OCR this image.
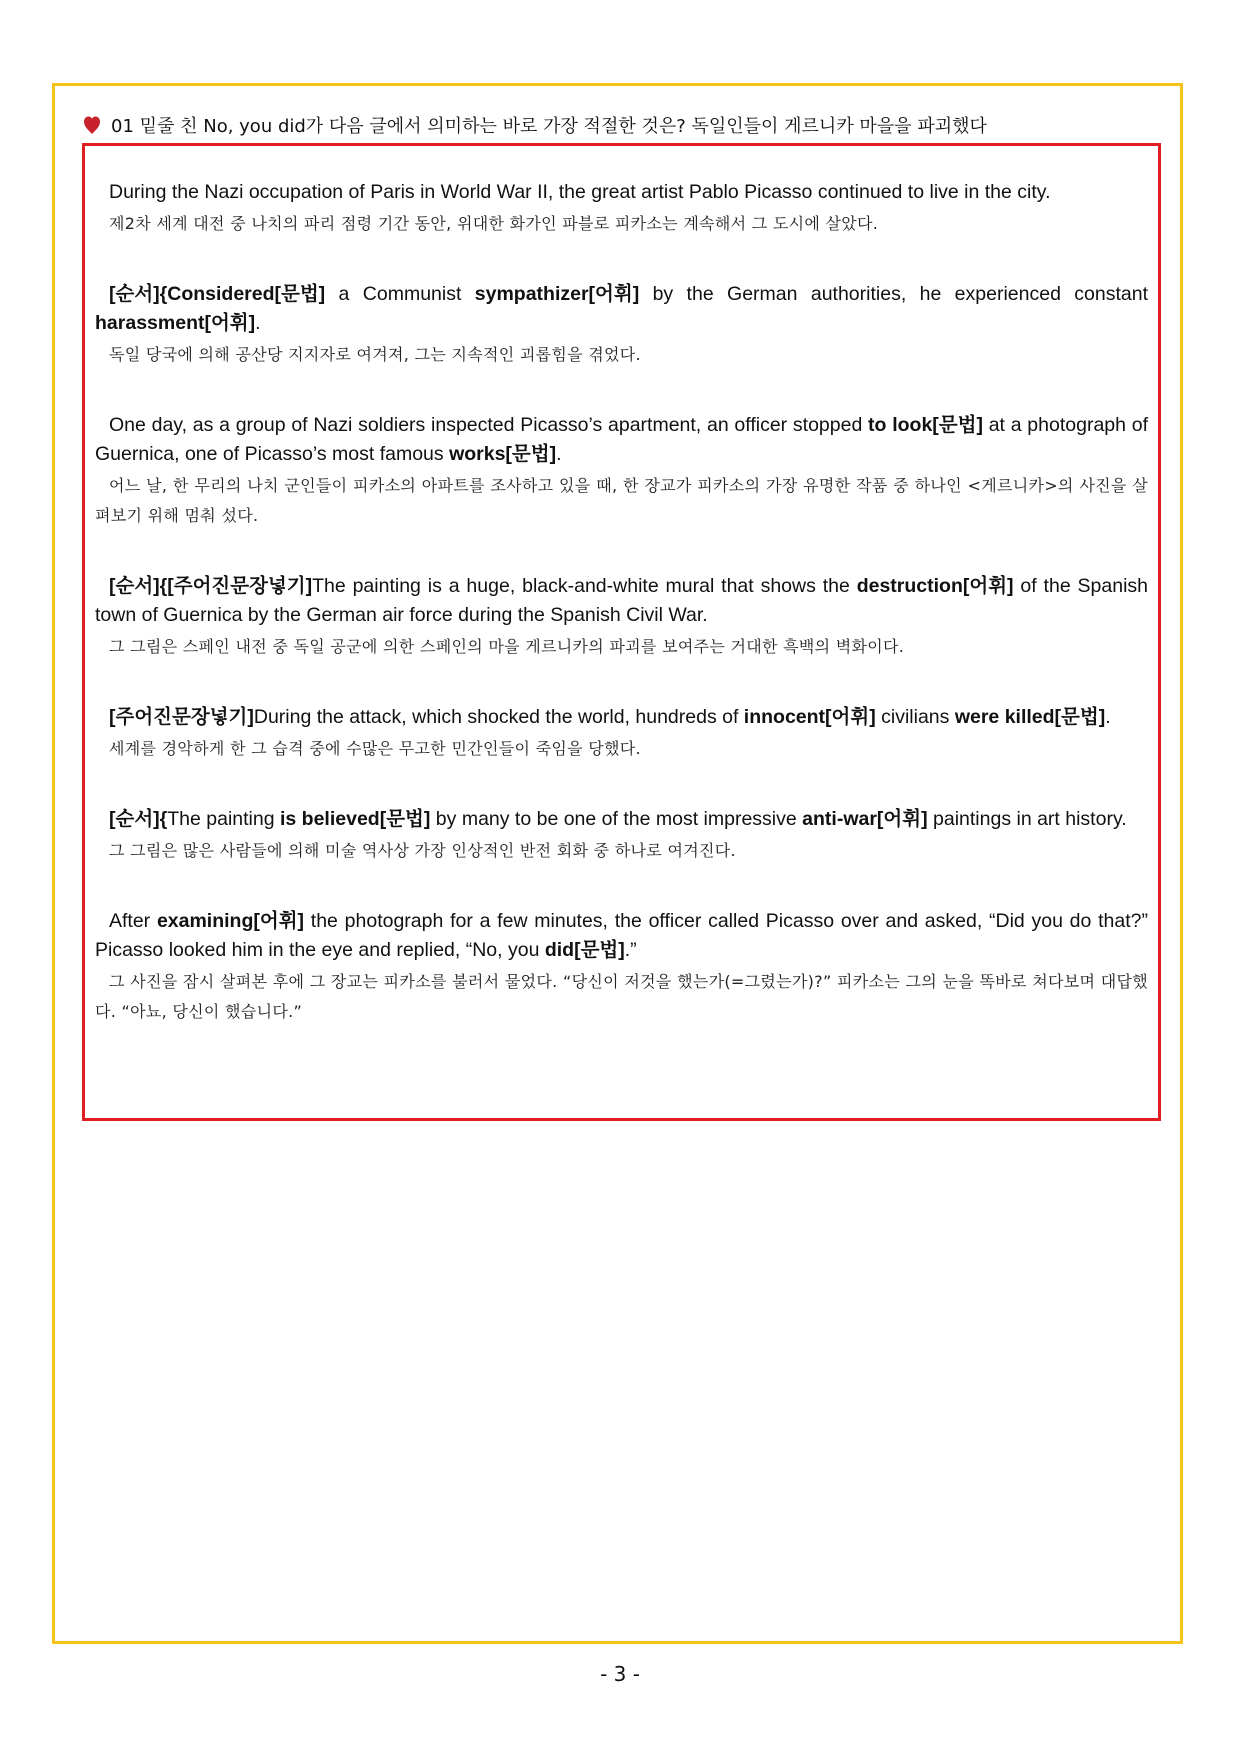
01 밑줄 친 No, you did가 다음 글에서 의미하는 바로 가장 적절한 것은? 독일인들이 게르니카 마을을 파괴했다

During the Nazi occupation of Paris in World War II, the great artist Pablo Picasso continued to live in the city.

제2차 세계 대전 중 나치의 파리 점령 기간 동안, 위대한 화가인 파블로 피카소는 계속해서 그 도시에 살았다.

[순서]{Considered[문법] a Communist sympathizer[어휘] by the German authorities, he experienced constant harassment[어휘].

독일 당국에 의해 공산당 지지자로 여겨져, 그는 지속적인 괴롭힘을 겪었다.

One day, as a group of Nazi soldiers inspected Picasso’s apartment, an officer stopped to look[문법] at a photograph of Guernica, one of Picasso’s most famous works[문법].

어느 날, 한 무리의 나치 군인들이 피카소의 아파트를 조사하고 있을 때, 한 장교가 피카소의 가장 유명한 작품 중 하나인 <게르니카>의 사진을 살펴보기 위해 멈춰 섰다.

[순서]{[주어진문장넣기]The painting is a huge, black-and-white mural that shows the destruction[어휘] of the Spanish town of Guernica by the German air force during the Spanish Civil War.

그 그림은 스페인 내전 중 독일 공군에 의한 스페인의 마을 게르니카의 파괴를 보여주는 거대한 흑백의 벽화이다.

[주어진문장넣기]During the attack, which shocked the world, hundreds of innocent[어휘] civilians were killed[문법].

세계를 경악하게 한 그 습격 중에 수많은 무고한 민간인들이 죽임을 당했다.

[순서]{The painting is believed[문법] by many to be one of the most impressive anti-war[어휘] paintings in art history.

그 그림은 많은 사람들에 의해 미술 역사상 가장 인상적인 반전 회화 중 하나로 여겨진다.

After examining[어휘] the photograph for a few minutes, the officer called Picasso over and asked, “Did you do that?” Picasso looked him in the eye and replied, “No, you did[문법].”

그 사진을 잠시 살펴본 후에 그 장교는 피카소를 불러서 물었다. “당신이 저것을 했는가(=그렸는가)?” 피카소는 그의 눈을 똑바로 쳐다보며 대답했다. “아뇨, 당신이 했습니다.”

- 3 -
